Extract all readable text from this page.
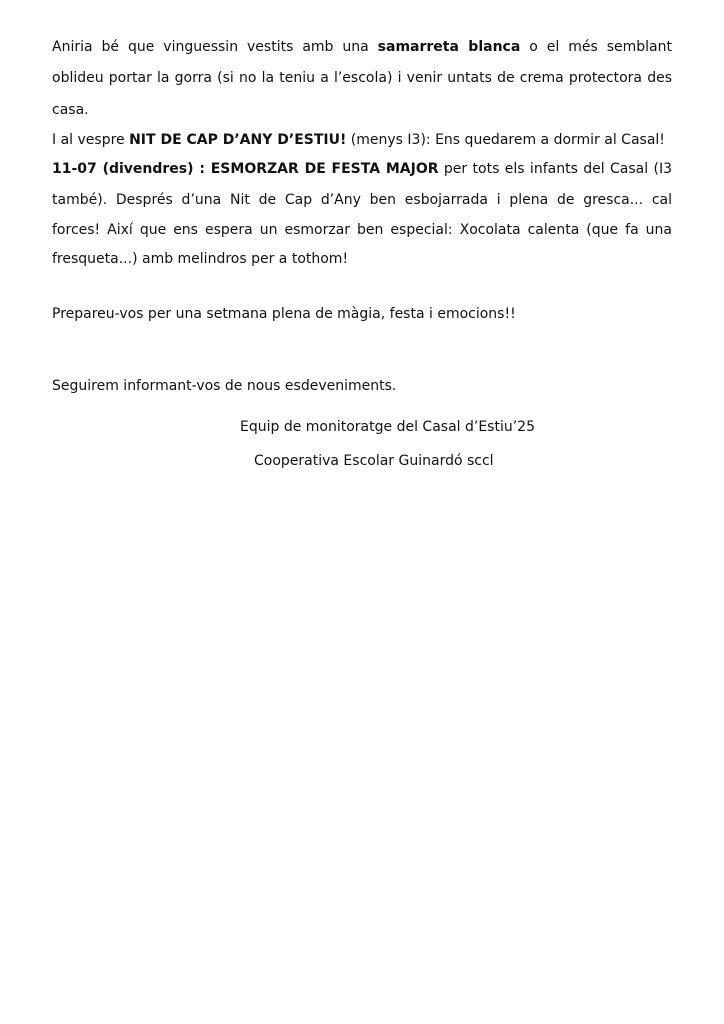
Aniria bé que vinguessin vestits amb una samarreta blanca o el més semblant
oblideu portar la gorra (si no la teniu a l’escola) i venir untats de crema protectora des
casa.
I al vespre NIT DE CAP D’ANY D’ESTIU! (menys I3): Ens quedarem a dormir al Casal!
11-07 (divendres) : ESMORZAR DE FESTA MAJOR per tots els infants del Casal (I3
també). Després d’una Nit de Cap d’Any ben esbojarrada i plena de gresca... cal
forces! Així que ens espera un esmorzar ben especial: Xocolata calenta (que fa una
fresqueta...) amb melindros per a tothom!
Prepareu-vos per una setmana plena de màgia, festa i emocions!!
Seguirem informant-vos de nous esdeveniments.
Equip de monitoratge del Casal d’Estiu’25
Cooperativa Escolar Guinardó sccl
